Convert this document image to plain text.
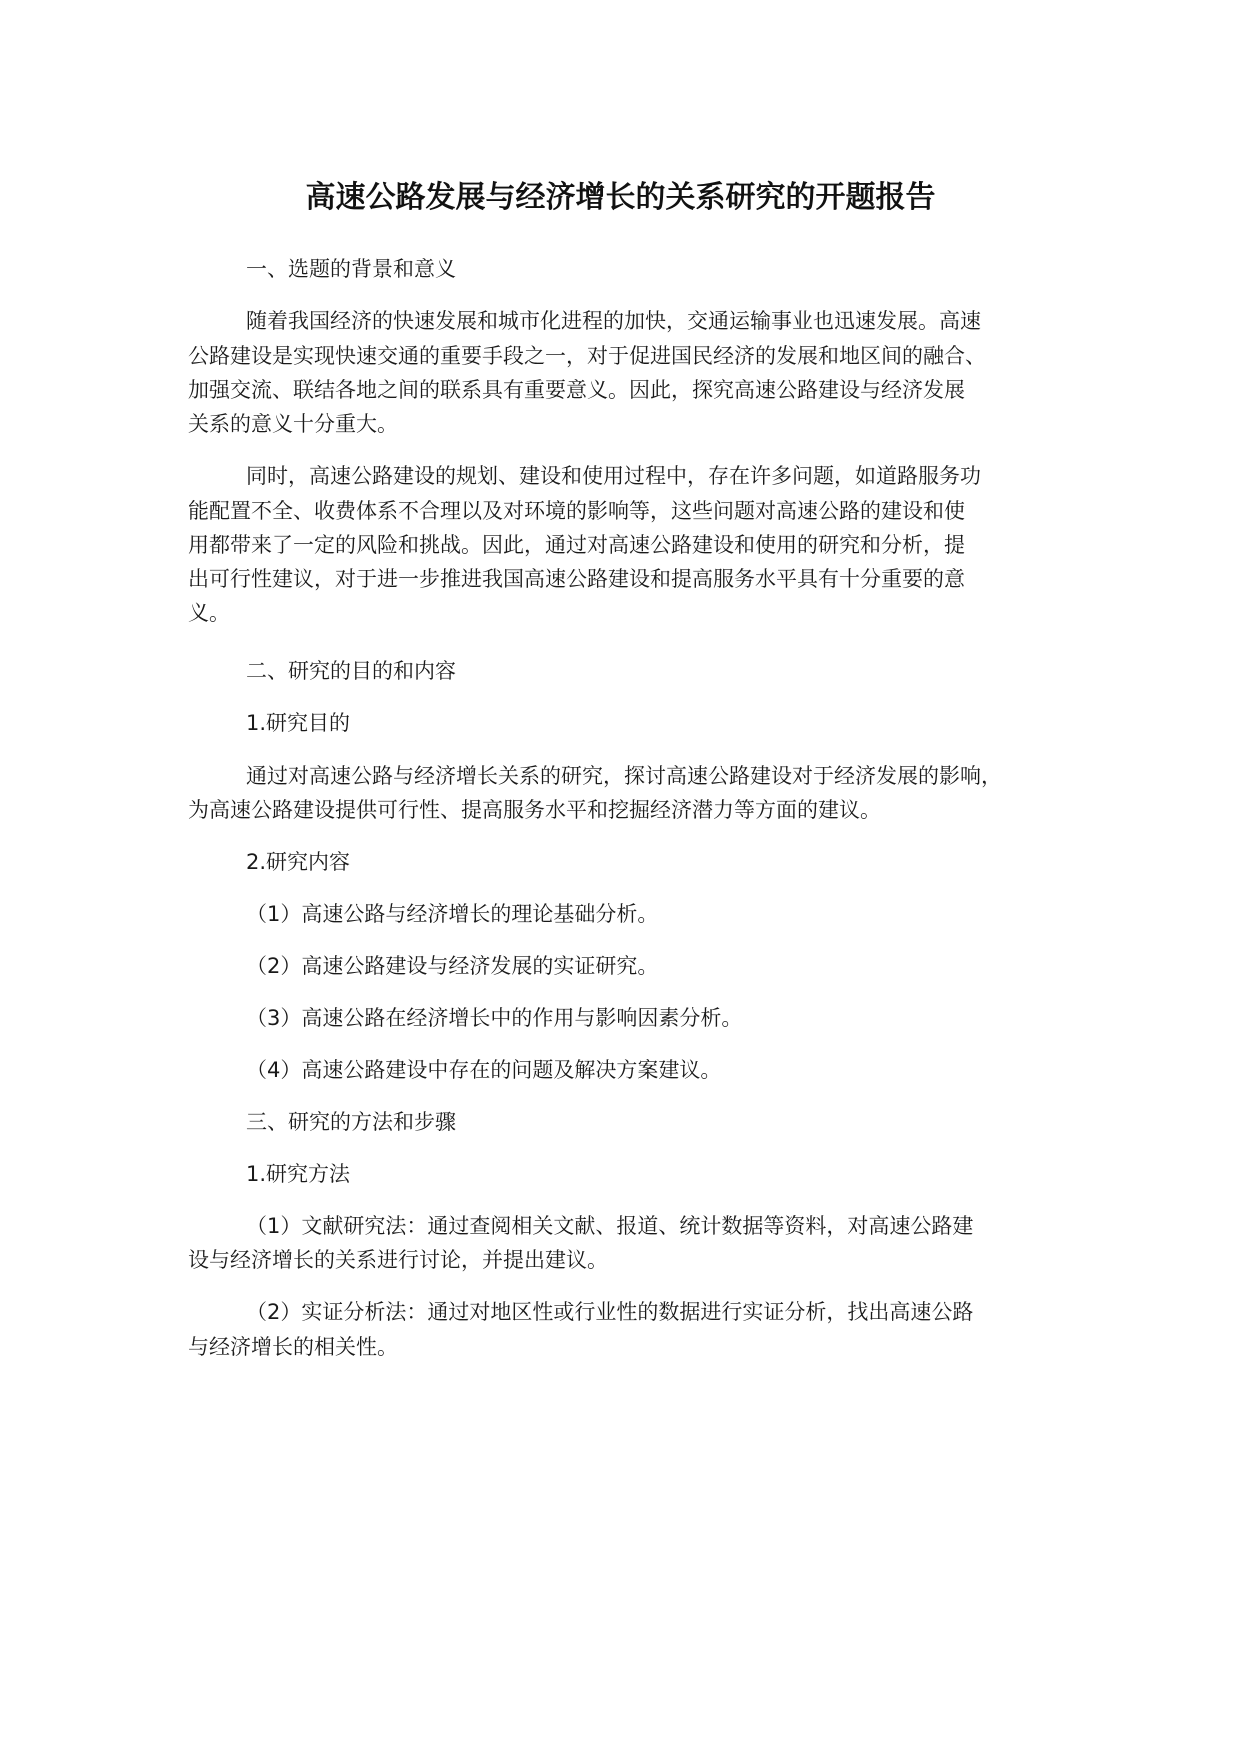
高速公路发展与经济增长的关系研究的开题报告
一、选题的背景和意义
随着我国经济的快速发展和城市化进程的加快，交通运输事业也迅速发展。高速
公路建设是实现快速交通的重要手段之一，对于促进国民经济的发展和地区间的融合、
加强交流、联结各地之间的联系具有重要意义。因此，探究高速公路建设与经济发展
关系的意义十分重大。
同时，高速公路建设的规划、建设和使用过程中，存在许多问题，如道路服务功
能配置不全、收费体系不合理以及对环境的影响等，这些问题对高速公路的建设和使
用都带来了一定的风险和挑战。因此，通过对高速公路建设和使用的研究和分析，提
出可行性建议，对于进一步推进我国高速公路建设和提高服务水平具有十分重要的意
义。
二、研究的目的和内容
1.研究目的
通过对高速公路与经济增长关系的研究，探讨高速公路建设对于经济发展的影响，
为高速公路建设提供可行性、提高服务水平和挖掘经济潜力等方面的建议。
2.研究内容
（1）高速公路与经济增长的理论基础分析。
（2）高速公路建设与经济发展的实证研究。
（3）高速公路在经济增长中的作用与影响因素分析。
（4）高速公路建设中存在的问题及解决方案建议。
三、研究的方法和步骤
1.研究方法
（1）文献研究法：通过查阅相关文献、报道、统计数据等资料，对高速公路建
设与经济增长的关系进行讨论，并提出建议。
（2）实证分析法：通过对地区性或行业性的数据进行实证分析，找出高速公路
与经济增长的相关性。
